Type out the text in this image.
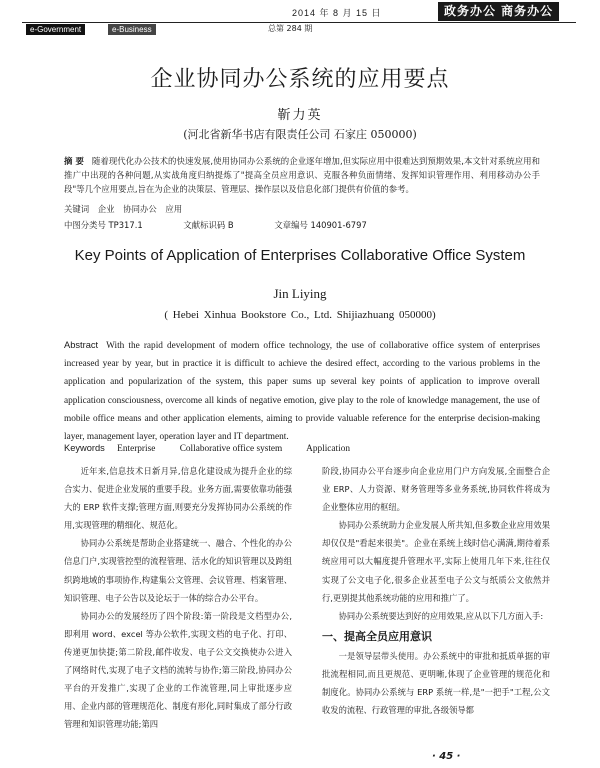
2014 年 8 月 15 日	政务办公 商务办公
e-Government	e-Business	总第 284 期
企业协同办公系统的应用要点
靳力英
(河北省新华书店有限责任公司 石家庄 050000)
摘 要 随着现代化办公技术的快速发展,使用协同办公系统的企业逐年增加,但实际应用中很难达到预期效果,本文针对系统应用和推广中出现的各种问题,从实战角度归纳提炼了"提高全员应用意识、克服各种负面情绪、发挥知识管理作用、利用移动办公手段"等几个应用要点,旨在为企业的决策层、管理层、操作层以及信息化部门提供有价值的参考。
关键词 企业 协同办公 应用
中图分类号 TP317.1	文献标识码 B	文章编号 140901-6797
Key Points of Application of Enterprises Collaborative Office System
Jin Liying
( Hebei Xinhua Bookstore Co., Ltd. Shijiazhuang 050000)
Abstract With the rapid development of modern office technology, the use of collaborative office system of enterprises increased year by year, but in practice it is difficult to achieve the desired effect, according to the various problems in the application and popularization of the system, this paper sums up several key points of application to improve overall application consciousness, overcome all kinds of negative emotion, give play to the role of knowledge management, the use of mobile office means and other application elements, aiming to provide valuable reference for the enterprise decision-making layer, management layer, operation layer and IT department.
Keywords Enterprise	Collaborative office system	Application

近年来,信息技术日新月异,信息化建设成为提升企业的综合实力、促进企业发展的重要手段。业务方面,需要依靠功能强大的 ERP 软件支撑;管理方面,则要充分发挥协同办公系统的作用,实现管理的精细化、规范化。

协同办公系统是帮助企业搭建统一、融合、个性化的办公信息门户,实现管控型的流程管理、活水化的知识管理以及跨组织跨地域的事项协作,构建集公文管理、会议管理、档案管理、知识管理、电子公告以及论坛于一体的综合办公平台。

协同办公的发展经历了四个阶段:第一阶段是文档型办公,即利用 word、excel 等办公软件,实现文档的电子化、打印、传递更加快捷;第二阶段,邮件收发、电子公文交换使办公进入了网络时代,实现了电子文档的流转与协作;第三阶段,协同办公平台的开发推广,实现了企业的工作流管理,同上审批逐步应用、企业内部的管理规范化、制度有形化,同时集成了部分行政管理和知识管理功能;第四

阶段,协同办公平台逐步向企业应用门户方向发展,全面整合企业 ERP、人力资源、财务管理等多业务系统,协同软件将成为企业整体应用的枢纽。

协同办公系统助力企业发展人所共知,但多数企业应用效果却仅仅是"看起来很美"。企业在系统上线时信心满满,期待着系统应用可以大幅度提升管理水平,实际上使用几年下来,往往仅实现了公文电子化,很多企业甚至电子公文与纸质公文依然并行,更别提其他系统功能的应用和推广了。

协同办公系统要达到好的应用效果,应从以下几方面入手:

一、提高全员应用意识

一是领导层带头使用。办公系统中的审批和抵质单据的审批流程相同,而且更规范、更明晰,体现了企业管理的规范化和制度化。协同办公系统与 ERP 系统一样,是"一把手"工程,公文收发的流程、行政管理的审批,各级领导都

· 45 ·
